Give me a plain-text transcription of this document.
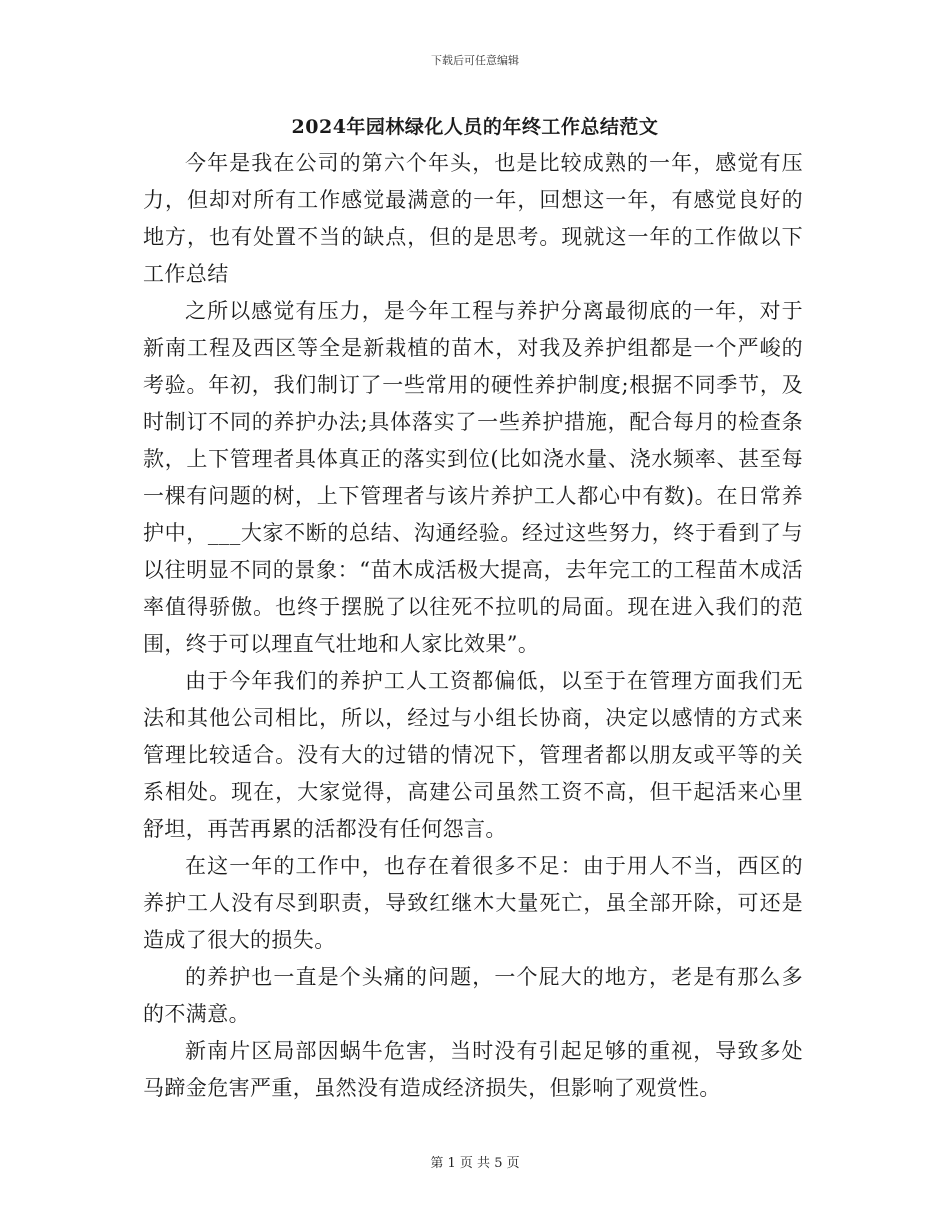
下载后可任意编辑
2024年园林绿化人员的年终工作总结范文

今年是我在公司的第六个年头，也是比较成熟的一年，感觉有压力，但却对所有工作感觉最满意的一年，回想这一年，有感觉良好的地方，也有处置不当的缺点，但的是思考。现就这一年的工作做以下工作总结

之所以感觉有压力，是今年工程与养护分离最彻底的一年，对于新南工程及西区等全是新栽植的苗木，对我及养护组都是一个严峻的考验。年初，我们制订了一些常用的硬性养护制度;根据不同季节，及时制订不同的养护办法;具体落实了一些养护措施，配合每月的检查条款，上下管理者具体真正的落实到位(比如浇水量、浇水频率、甚至每一棵有问题的树，上下管理者与该片养护工人都心中有数)。在日常养护中，___大家不断的总结、沟通经验。经过这些努力，终于看到了与以往明显不同的景象：“苗木成活极大提高，去年完工的工程苗木成活率值得骄傲。也终于摆脱了以往死不拉叽的局面。现在进入我们的范围，终于可以理直气壮地和人家比效果”。

由于今年我们的养护工人工资都偏低，以至于在管理方面我们无法和其他公司相比，所以，经过与小组长协商，决定以感情的方式来管理比较适合。没有大的过错的情况下，管理者都以朋友或平等的关系相处。现在，大家觉得，高建公司虽然工资不高，但干起活来心里舒坦，再苦再累的活都没有任何怨言。

在这一年的工作中，也存在着很多不足：由于用人不当，西区的养护工人没有尽到职责，导致红继木大量死亡，虽全部开除，可还是造成了很大的损失。

的养护也一直是个头痛的问题，一个屁大的地方，老是有那么多的不满意。

新南片区局部因蜗牛危害，当时没有引起足够的重视，导致多处马蹄金危害严重，虽然没有造成经济损失，但影响了观赏性。

第 1 页 共 5 页
